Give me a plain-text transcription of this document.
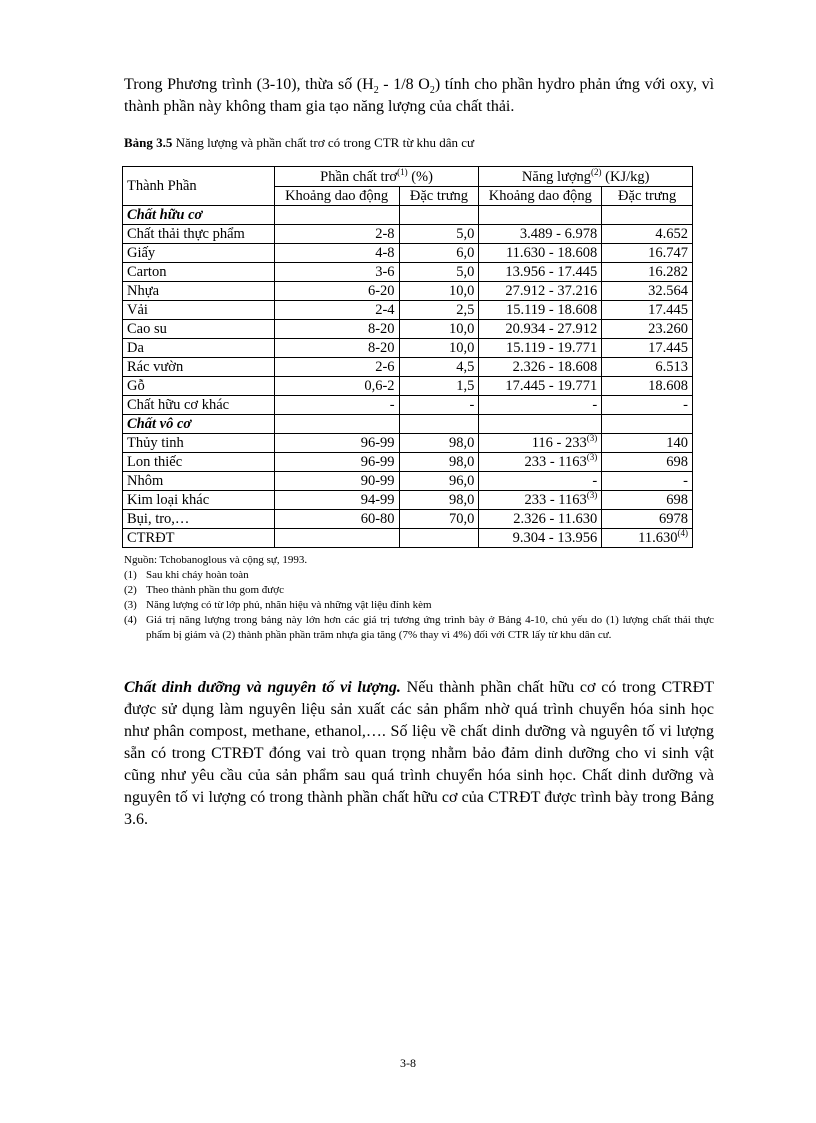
Trong Phương trình (3-10), thừa số ($H_2 - 1/8$ $O_2$) tính cho phần hydro phản ứng với oxy, vì thành phần này không tham gia tạo năng lượng của chất thải.

Bảng 3.5 Năng lượng và phần chất trơ có trong CTR từ khu dân cư
Thành Phần	Phần chất trơ$^{(1)}$ (%)		Năng lượng$^{(2)}$ (KJ/kg)	
	Khoảng dao động	Đặc trưng	Khoảng dao động	Đặc trưng
Chất hữu cơ				
Chất thải thực phẩm	2-8	5,0	3.489 - 6.978	4.652
Giấy	4-8	6,0	11.630 - 18.608	16.747
Carton	3-6	5,0	13.956 - 17.445	16.282
Nhựa	6-20	10,0	27.912 - 37.216	32.564
Vải	2-4	2,5	15.119 - 18.608	17.445
Cao su	8-20	10,0	20.934 - 27.912	23.260
Da	8-20	10,0	15.119 - 19.771	17.445
Rác vườn	2-6	4,5	2.326 - 18.608	6.513
Gỗ	0,6-2	1,5	17.445 - 19.771	18.608
Chất hữu cơ khác	-	-	-	-
Chất vô cơ				
Thủy tinh	96-99	98,0	116 - 233$^{(3)}$	140
Lon thiếc	96-99	98,0	233 - 1163$^{(3)}$	698
Nhôm	90-99	96,0	-	-
Kim loại khác	94-99	98,0	233 - 1163$^{(3)}$	698
Bụi, tro,…	60-80	70,0	2.326 - 11.630	6978
CTRĐT			9.304 - 13.956	11.630$^{(4)}$
Nguồn: Tchobanoglous và cộng sự, 1993.
(1) Sau khi cháy hoàn toàn
(2) Theo thành phần thu gom được
(3) Năng lượng có từ lớp phủ, nhãn hiệu và những vật liệu đính kèm
(4) Giá trị năng lượng trong bảng này lớn hơn các giá trị tương ứng trình bày ở Bảng 4-10, chủ yếu do (1) lượng chất thải thực phẩm bị giảm và (2) thành phần phần trăm nhựa gia tăng (7% thay vì 4%) đối với CTR lấy từ khu dân cư.

Chất dinh dưỡng và nguyên tố vi lượng. Nếu thành phần chất hữu cơ có trong CTRĐT được sử dụng làm nguyên liệu sản xuất các sản phẩm nhờ quá trình chuyển hóa sinh học như phân compost, methane, ethanol,…. Số liệu về chất dinh dưỡng và nguyên tố vi lượng sẵn có trong CTRĐT đóng vai trò quan trọng nhằm bảo đảm dinh dưỡng cho vi sinh vật cũng như yêu cầu của sản phẩm sau quá trình chuyển hóa sinh học. Chất dinh dưỡng và nguyên tố vi lượng có trong thành phần chất hữu cơ của CTRĐT được trình bày trong Bảng 3.6.

3-8
